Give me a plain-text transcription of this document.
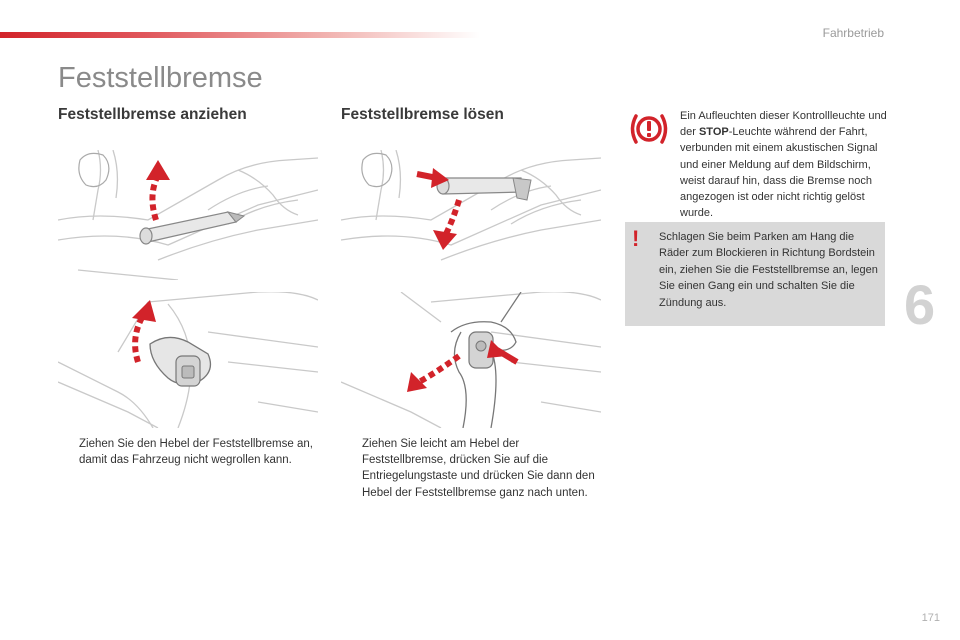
Fahrbetrieb
Feststellbremse
Feststellbremse anziehen
Ziehen Sie den Hebel der Feststellbremse an, damit das Fahrzeug nicht wegrollen kann.
Feststellbremse lösen
Ziehen Sie leicht am Hebel der Feststellbremse, drücken Sie auf die Entriegelungstaste und drücken Sie dann den Hebel der Feststellbremse ganz nach unten.
Ein Aufleuchten dieser Kontrollleuchte und der STOP-Leuchte während der Fahrt, verbunden mit einem akustischen Signal und einer Meldung auf dem Bildschirm, weist darauf hin, dass die Bremse noch angezogen ist oder nicht richtig gelöst wurde.
! Schlagen Sie beim Parken am Hang die Räder zum Blockieren in Richtung Bordstein ein, ziehen Sie die Feststellbremse an, legen Sie einen Gang ein und schalten Sie die Zündung aus.	6
171
